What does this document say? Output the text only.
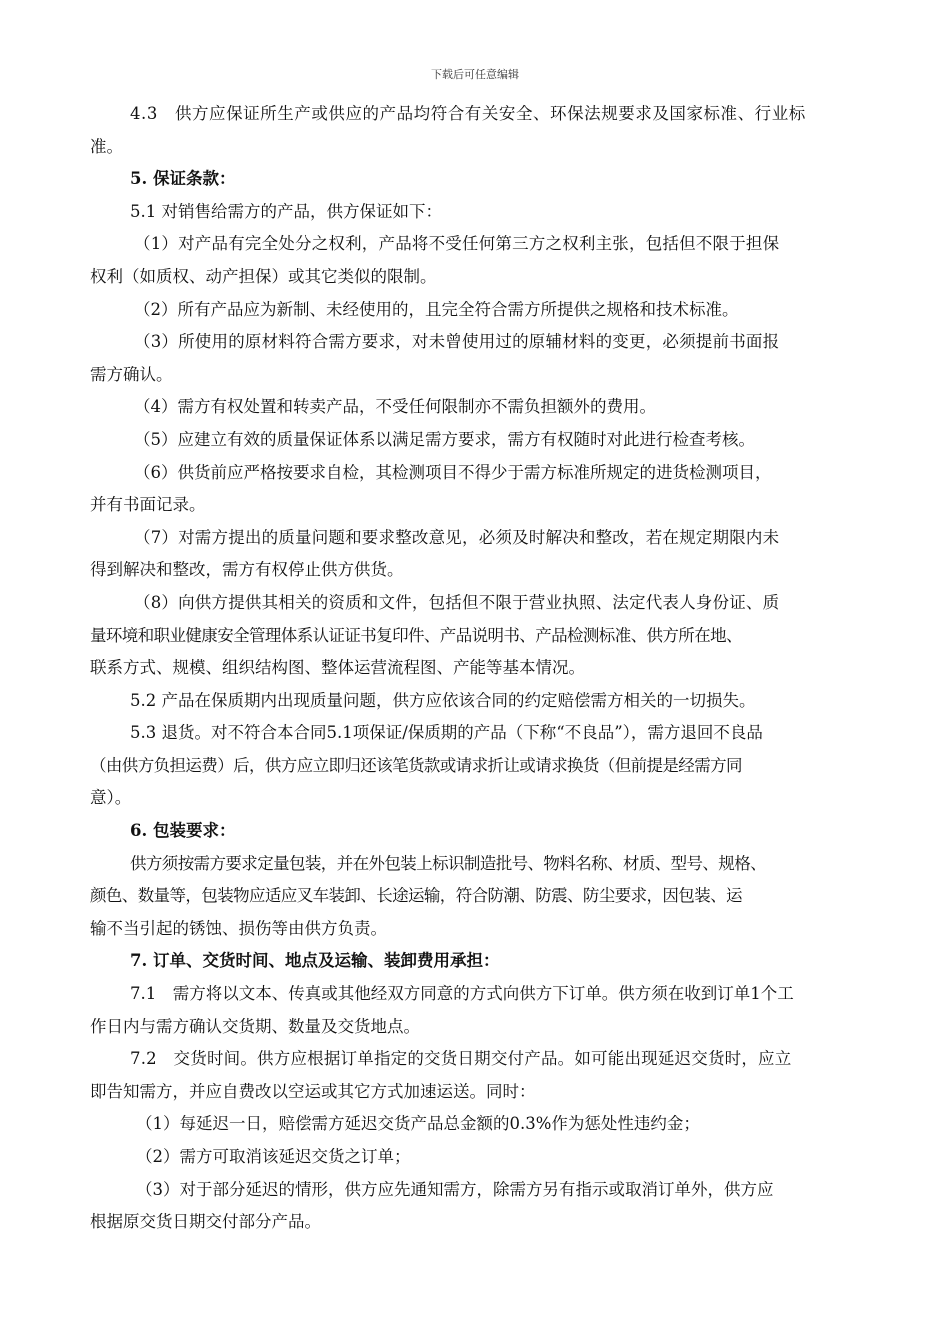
下载后可任意编辑
4.3　供方应保证所生产或供应的产品均符合有关安全、环保法规要求及国家标准、行业标
准。
5. 保证条款：
5.1 对销售给需方的产品，供方保证如下：
（1）对产品有完全处分之权利，产品将不受任何第三方之权利主张，包括但不限于担保
权利（如质权、动产担保）或其它类似的限制。
（2）所有产品应为新制、未经使用的，且完全符合需方所提供之规格和技术标准。
（3）所使用的原材料符合需方要求，对未曾使用过的原辅材料的变更，必须提前书面报
需方确认。
（4）需方有权处置和转卖产品，不受任何限制亦不需负担额外的费用。
（5）应建立有效的质量保证体系以满足需方要求，需方有权随时对此进行检查考核。
（6）供货前应严格按要求自检，其检测项目不得少于需方标准所规定的进货检测项目，
并有书面记录。
（7）对需方提出的质量问题和要求整改意见，必须及时解决和整改，若在规定期限内未
得到解决和整改，需方有权停止供方供货。
（8）向供方提供其相关的资质和文件，包括但不限于营业执照、法定代表人身份证、质
量环境和职业健康安全管理体系认证证书复印件、产品说明书、产品检测标准、供方所在地、
联系方式、规模、组织结构图、整体运营流程图、产能等基本情况。
5.2 产品在保质期内出现质量问题，供方应依该合同的约定赔偿需方相关的一切损失。
5.3 退货。对不符合本合同5.1项保证/保质期的产品（下称“不良品”），需方退回不良品
（由供方负担运费）后，供方应立即归还该笔货款或请求折让或请求换货（但前提是经需方同
意）。
6. 包装要求：
供方须按需方要求定量包装，并在外包装上标识制造批号、物料名称、材质、型号、规格、
颜色、数量等，包装物应适应叉车装卸、长途运输，符合防潮、防震、防尘要求，因包装、运
输不当引起的锈蚀、损伤等由供方负责。
7. 订单、交货时间、地点及运输、装卸费用承担：
7.1　需方将以文本、传真或其他经双方同意的方式向供方下订单。供方须在收到订单1个工
作日内与需方确认交货期、数量及交货地点。
7.2　交货时间。供方应根据订单指定的交货日期交付产品。如可能出现延迟交货时，应立
即告知需方，并应自费改以空运或其它方式加速运送。同时：
（1）每延迟一日，赔偿需方延迟交货产品总金额的0.3%作为惩处性违约金；
（2）需方可取消该延迟交货之订单；
（3）对于部分延迟的情形，供方应先通知需方，除需方另有指示或取消订单外，供方应
根据原交货日期交付部分产品。
